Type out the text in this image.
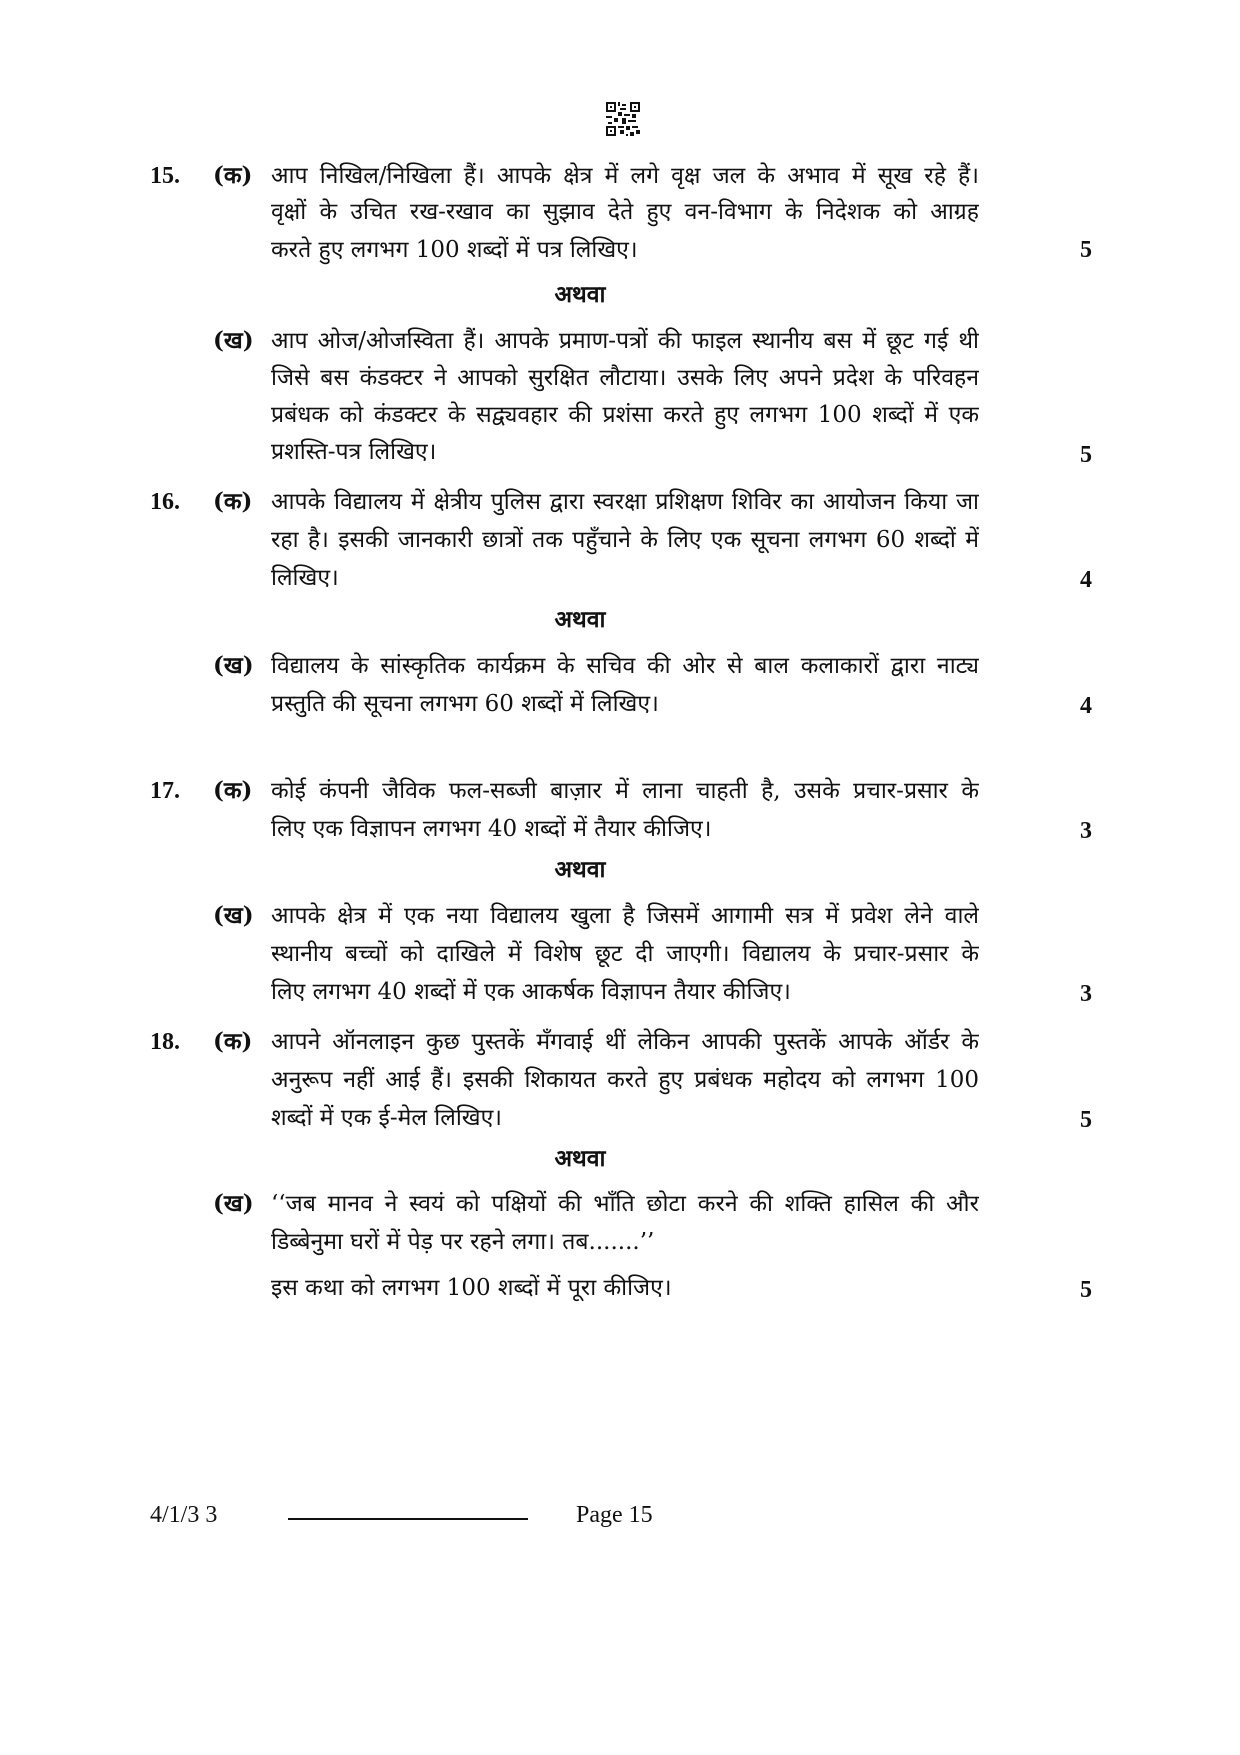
15. (क) आप निखिल/निखिला हैं। आपके क्षेत्र में लगे वृक्ष जल के अभाव में सूख रहे हैं।
वृक्षों के उचित रख-रखाव का सुझाव देते हुए वन-विभाग के निदेशक को आग्रह
करते हुए लगभग 100 शब्दों में पत्र लिखिए।	5
अथवा
(ख) आप ओज/ओजस्विता हैं। आपके प्रमाण-पत्रों की फाइल स्थानीय बस में छूट गई थी
जिसे बस कंडक्टर ने आपको सुरक्षित लौटाया। उसके लिए अपने प्रदेश के परिवहन
प्रबंधक को कंडक्टर के सद्व्यवहार की प्रशंसा करते हुए लगभग 100 शब्दों में एक
प्रशस्ति-पत्र लिखिए।	5
16. (क) आपके विद्यालय में क्षेत्रीय पुलिस द्वारा स्वरक्षा प्रशिक्षण शिविर का आयोजन किया जा
रहा है। इसकी जानकारी छात्रों तक पहुँचाने के लिए एक सूचना लगभग 60 शब्दों में
लिखिए।	4
अथवा
(ख) विद्यालय के सांस्कृतिक कार्यक्रम के सचिव की ओर से बाल कलाकारों द्वारा नाट्य
प्रस्तुति की सूचना लगभग 60 शब्दों में लिखिए।	4
17. (क) कोई कंपनी जैविक फल-सब्जी बाज़ार में लाना चाहती है, उसके प्रचार-प्रसार के
लिए एक विज्ञापन लगभग 40 शब्दों में तैयार कीजिए।	3
अथवा
(ख) आपके क्षेत्र में एक नया विद्यालय खुला है जिसमें आगामी सत्र में प्रवेश लेने वाले
स्थानीय बच्चों को दाखिले में विशेष छूट दी जाएगी। विद्यालय के प्रचार-प्रसार के
लिए लगभग 40 शब्दों में एक आकर्षक विज्ञापन तैयार कीजिए।	3
18. (क) आपने ऑनलाइन कुछ पुस्तकें मँगवाई थीं लेकिन आपकी पुस्तकें आपके ऑर्डर के
अनुरूप नहीं आई हैं। इसकी शिकायत करते हुए प्रबंधक महोदय को लगभग 100
शब्दों में एक ई-मेल लिखिए।	5
अथवा
(ख) ‘‘जब मानव ने स्वयं को पक्षियों की भाँति छोटा करने की शक्ति हासिल की और
डिब्बेनुमा घरों में पेड़ पर रहने लगा। तब.......’’
इस कथा को लगभग 100 शब्दों में पूरा कीजिए।	5
4/1/3 3	Page 15
